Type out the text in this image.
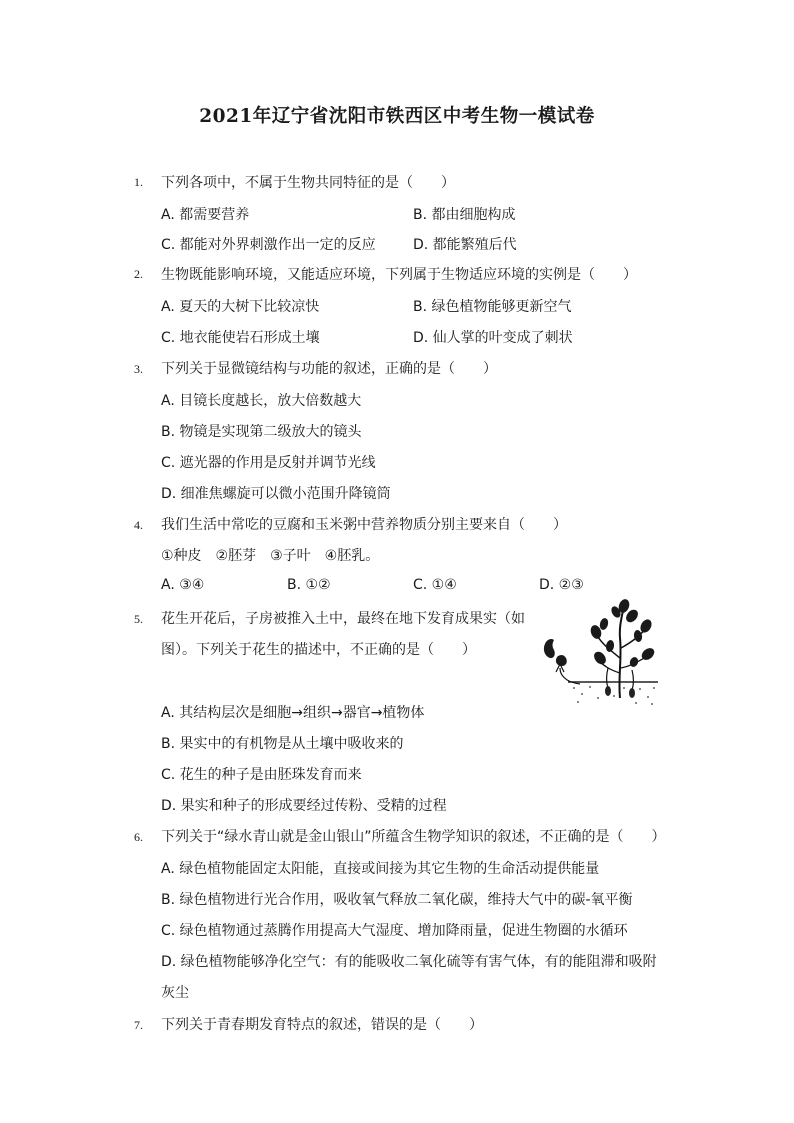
2021年辽宁省沈阳市铁西区中考生物一模试卷
1. 下列各项中，不属于生物共同特征的是（　　）
A. 都需要营养	B. 都由细胞构成
C. 都能对外界刺激作出一定的反应	D. 都能繁殖后代
2. 生物既能影响环境，又能适应环境，下列属于生物适应环境的实例是（　　）
A. 夏天的大树下比较凉快	B. 绿色植物能够更新空气
C. 地衣能使岩石形成土壤	D. 仙人掌的叶变成了刺状
3. 下列关于显微镜结构与功能的叙述，正确的是（　　）
A. 目镜长度越长，放大倍数越大
B. 物镜是实现第二级放大的镜头
C. 遮光器的作用是反射并调节光线
D. 细准焦螺旋可以微小范围升降镜筒
4. 我们生活中常吃的豆腐和玉米粥中营养物质分别主要来自（　　）
①种皮　②胚芽　③子叶　④胚乳。
A. ③④	B. ①②	C. ①④	D. ②③
5. 花生开花后，子房被推入土中，最终在地下发育成果实（如
图）。下列关于花生的描述中，不正确的是（　　）
A. 其结构层次是细胞→组织→器官→植物体
B. 果实中的有机物是从土壤中吸收来的
C. 花生的种子是由胚珠发育而来
D. 果实和种子的形成要经过传粉、受精的过程
6. 下列关于“绿水青山就是金山银山”所蕴含生物学知识的叙述，不正确的是（　　）
A. 绿色植物能固定太阳能，直接或间接为其它生物的生命活动提供能量
B. 绿色植物进行光合作用，吸收氧气释放二氧化碳，维持大气中的碳-氧平衡
C. 绿色植物通过蒸腾作用提高大气湿度、增加降雨量，促进生物圈的水循环
D. 绿色植物能够净化空气：有的能吸收二氧化硫等有害气体，有的能阻滞和吸附
灰尘
7. 下列关于青春期发育特点的叙述，错误的是（　　）
